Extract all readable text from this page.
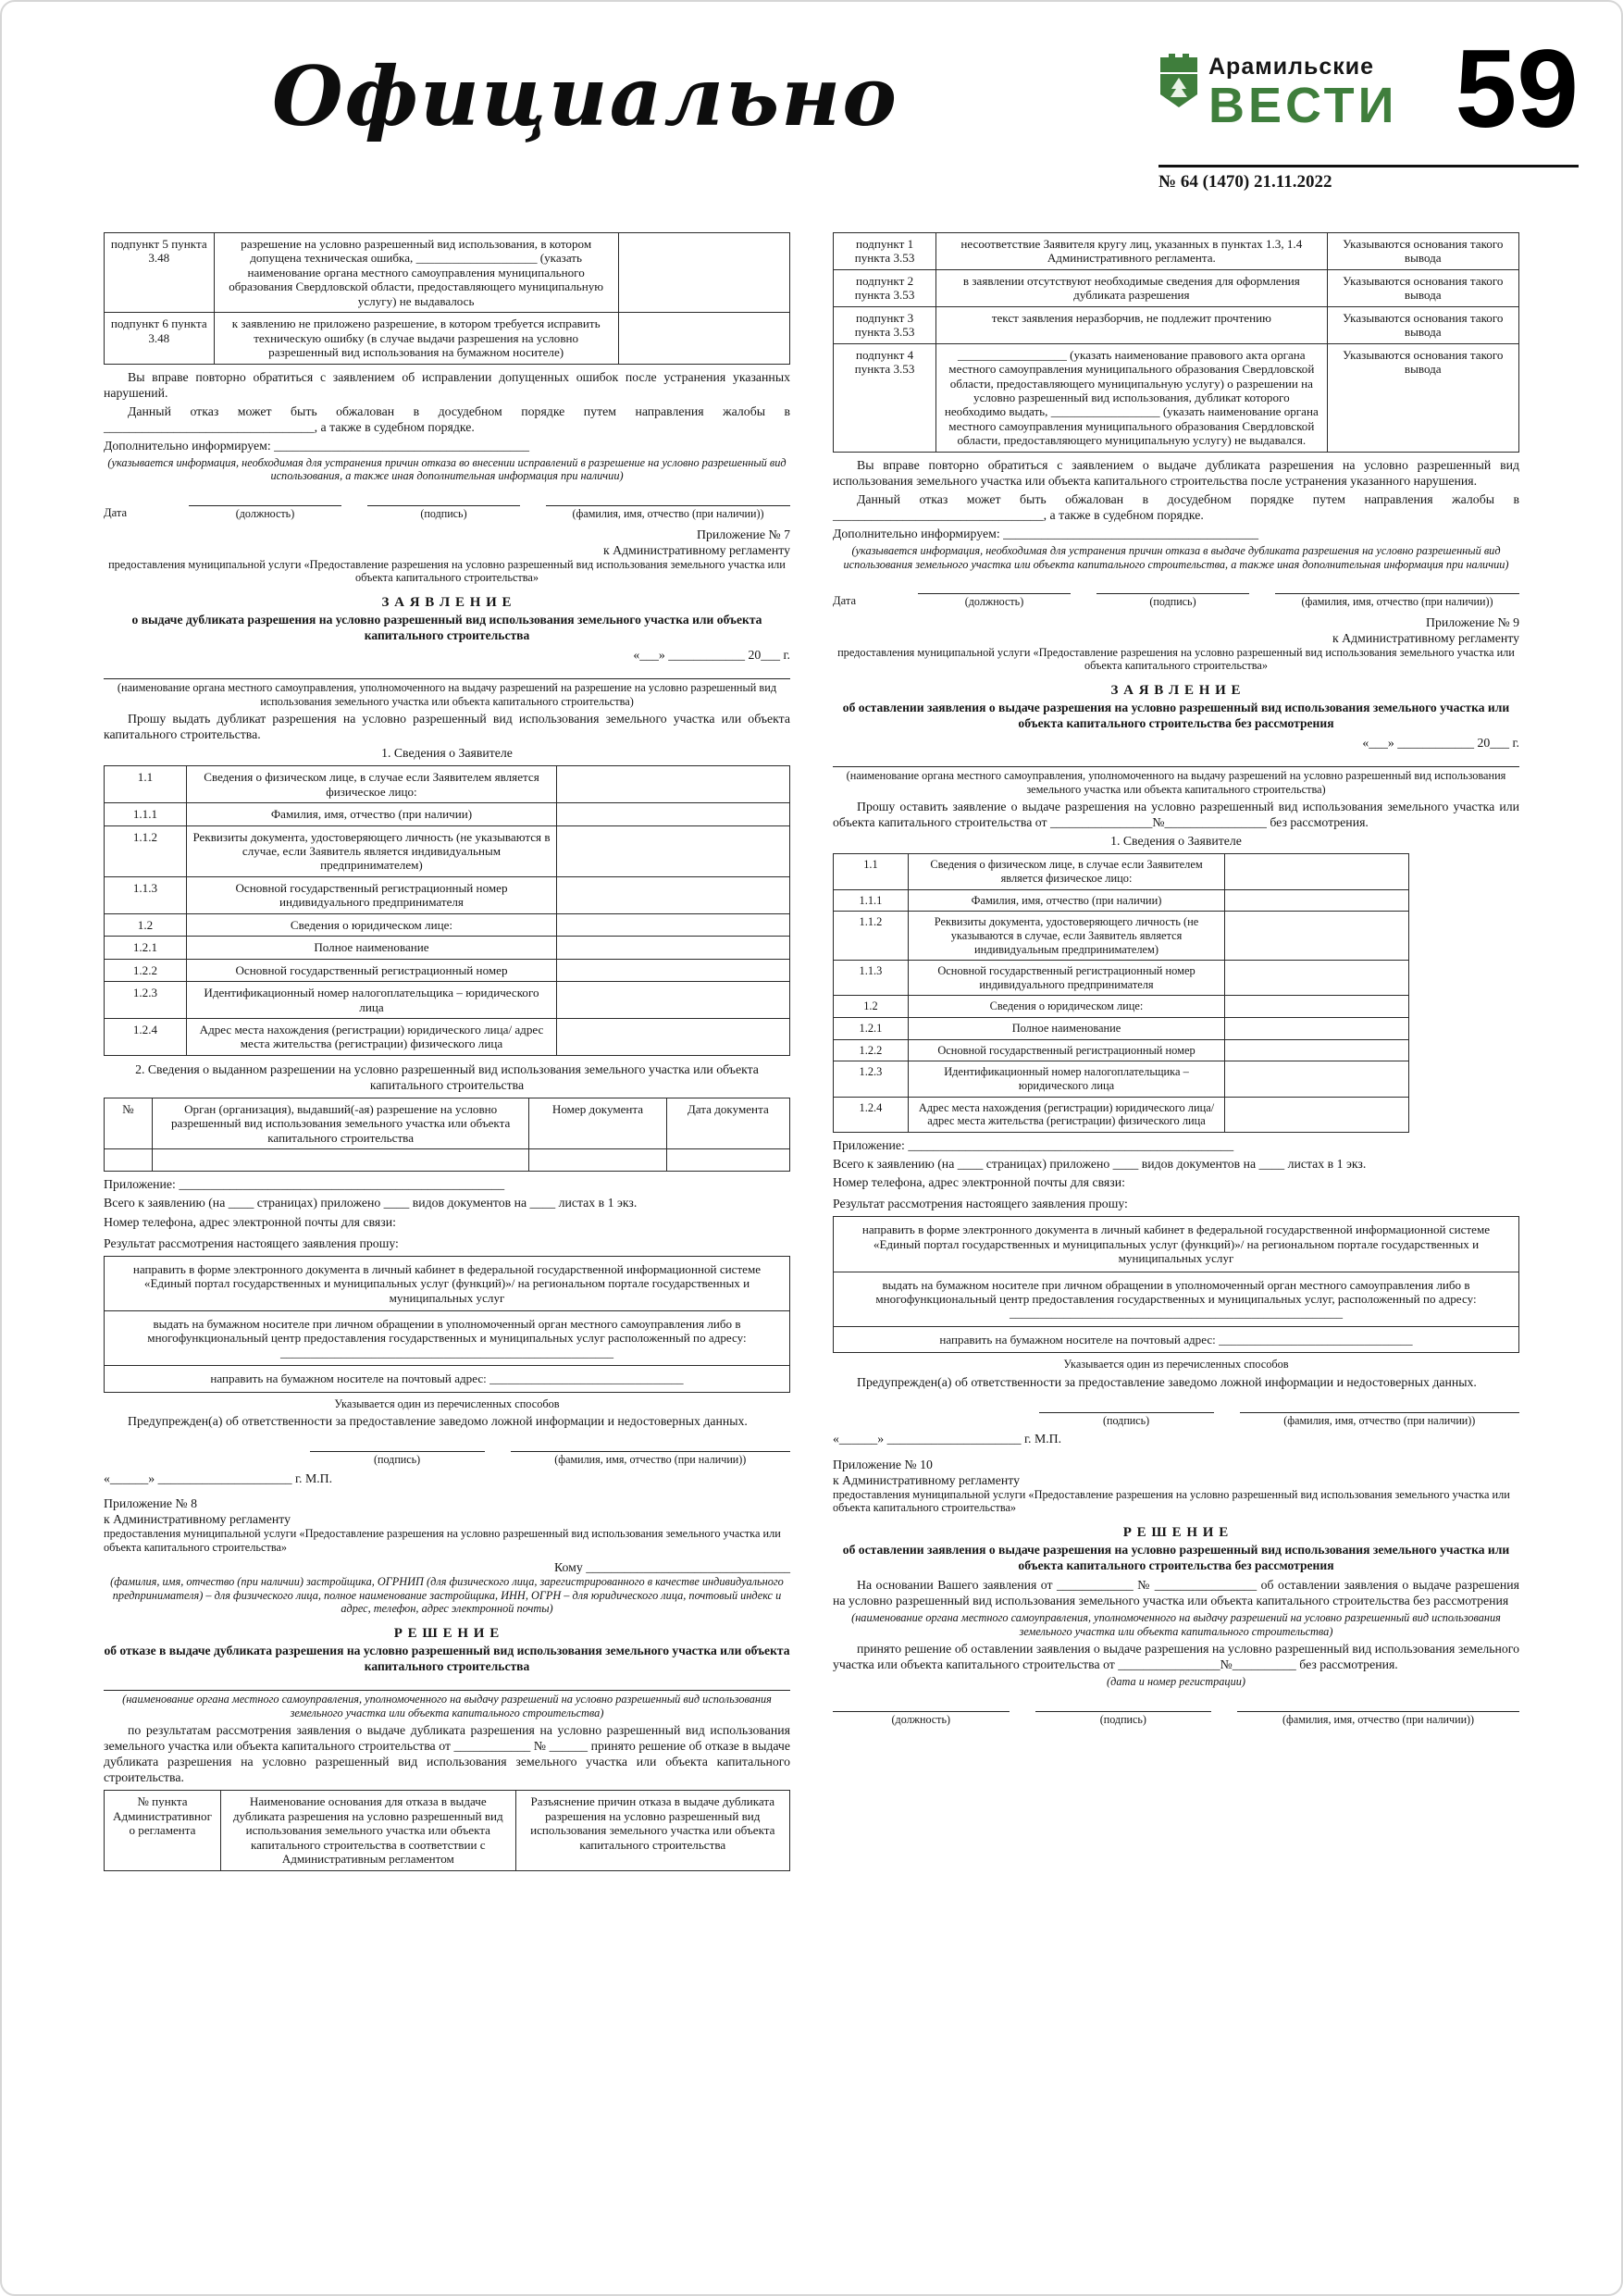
Официально	Арамильские
ВЕСТИ 59
№ 64 (1470) 21.11.2022
подпункт 5 пункта 3.48	разрешение на условно разрешенный вид использования, в котором допущена техническая ошибка, ____________________ (указать наименование органа местного самоуправления муниципального образования Свердловской области, предоставляющего муниципальную услугу) не выдавалось	
подпункт 6 пункта 3.48	к заявлению не приложено разрешение, в котором требуется исправить техническую ошибку (в случае выдачи разрешения на условно разрешенный вид использования на бумажном носителе)	

Вы вправе повторно обратиться с заявлением об исправлении допущенных ошибок после устранения указанных нарушений.

Данный отказ может быть обжалован в досудебном порядке путем направления жалобы в _________________________________, а также в судебном порядке.

Дополнительно информируем: ________________________________________

(указывается информация, необходимая для устранения причин отказа во внесении исправлений в разрешение на условно разрешенный вид использования, а также иная дополнительная информация при наличии)

Дата	(должность)	(подпись)	(фамилия, имя, отчество (при наличии))
Приложение № 7
к Административному регламенту
предоставления муниципальной услуги «Предоставление разрешения на условно разрешенный вид использования земельного участка или объекта капитального строительства»
З А Я В Л Е Н И Е
о выдаче дубликата разрешения на условно разрешенный вид использования земельного участка или объекта капитального строительства
«___» ____________ 20___ г.
(наименование органа местного самоуправления, уполномоченного на выдачу разрешений на разрешение на условно разрешенный вид использования земельного участка или объекта капитального строительства)

Прошу выдать дубликат разрешения на условно разрешенный вид использования земельного участка или объекта капитального строительства.

1. Сведения о Заявителе
1.1	Сведения о физическом лице, в случае если Заявителем является физическое лицо:	
1.1.1	Фамилия, имя, отчество (при наличии)	
1.1.2	Реквизиты документа, удостоверяющего личность (не указываются в случае, если Заявитель является индивидуальным предпринимателем)	
1.1.3	Основной государственный регистрационный номер индивидуального предпринимателя	
1.2	Сведения о юридическом лице:	
1.2.1	Полное наименование	
1.2.2	Основной государственный регистрационный номер	
1.2.3	Идентификационный номер налогоплательщика – юридического лица	
1.2.4	Адрес места нахождения (регистрации) юридического лица/ адрес места жительства (регистрации) физического лица	
2. Сведения о выданном разрешении на условно разрешенный вид использования земельного участка или объекта капитального строительства
№	Орган (организация), выдавший(-ая) разрешение на условно разрешенный вид использования земельного участка или объекта капитального строительства	Номер документа	Дата документа

Приложение: ___________________________________________________

Всего к заявлению (на ____ страницах) приложено ____ видов документов на ____ листах в 1 экз.

Номер телефона, адрес электронной почты для связи:

Результат рассмотрения настоящего заявления прошу:

направить в форме электронного документа в личный кабинет в федеральной государственной информационной системе «Единый портал государственных и муниципальных услуг (функций)»/ на региональном портале государственных и муниципальных услуг
выдать на бумажном носителе при личном обращении в уполномоченный орган местного самоуправления либо в многофункциональный центр предоставления государственных и муниципальных услуг расположенный по адресу: _______________________________________________________
направить на бумажном носителе на почтовый адрес: ________________________________
Указывается один из перечисленных способов

Предупрежден(а) об ответственности за предоставление заведомо ложной информации и недостоверных данных.

(подпись)	(фамилия, имя, отчество (при наличии))

«______» _____________________ г. М.П.

Приложение № 8
к Административному регламенту
предоставления муниципальной услуги «Предоставление разрешения на условно разрешенный вид использования земельного участка или объекта капитального строительства»
Кому ________________________________
(фамилия, имя, отчество (при наличии) застройщика, ОГРНИП (для физического лица, зарегистрированного в качестве индивидуального предпринимателя) – для физического лица, полное наименование застройщика, ИНН, ОГРН – для юридического лица, почтовый индекс и адрес, телефон, адрес электронной почты)
Р Е Ш Е Н И Е
об отказе в выдаче дубликата разрешения на условно разрешенный вид использования земельного участка или объекта капитального строительства
(наименование органа местного самоуправления, уполномоченного на выдачу разрешений на условно разрешенный вид использования земельного участка или объекта капитального строительства)

по результатам рассмотрения заявления о выдаче дубликата разрешения на условно разрешенный вид использования земельного участка или объекта капитального строительства от ____________ № ______ принято решение об отказе в выдаче дубликата разрешения на условно разрешенный вид использования земельного участка или объекта капитального строительства.

№ пункта Административного регламента	Наименование основания для отказа в выдаче дубликата разрешения на условно разрешенный вид использования земельного участка или объекта капитального строительства в соответствии с Административным регламентом	Разъяснение причин отказа в выдаче дубликата разрешения на условно разрешенный вид использования земельного участка или объекта капитального строительства
подпункт 1 пункта 3.53	несоответствие Заявителя кругу лиц, указанных в пунктах 1.3, 1.4 Административного регламента.	Указываются основания такого вывода
подпункт 2 пункта 3.53	в заявлении отсутствуют необходимые сведения для оформления дубликата разрешения	Указываются основания такого вывода
подпункт 3 пункта 3.53	текст заявления неразборчив, не подлежит прочтению	Указываются основания такого вывода
подпункт 4 пункта 3.53	__________________ (указать наименование правового акта органа местного самоуправления муниципального образования Свердловской области, предоставляющего муниципальную услугу) о разрешении на условно разрешенный вид использования, дубликат которого необходимо выдать, __________________ (указать наименование органа местного самоуправления муниципального образования Свердловской области, предоставляющего муниципальную услугу) не выдавался.	Указываются основания такого вывода

Вы вправе повторно обратиться с заявлением о выдаче дубликата разрешения на условно разрешенный вид использования земельного участка или объекта капитального строительства после устранения указанного нарушения.

Данный отказ может быть обжалован в досудебном порядке путем направления жалобы в _________________________________, а также в судебном порядке.

Дополнительно информируем: ________________________________________

(указывается информация, необходимая для устранения причин отказа в выдаче дубликата разрешения на условно разрешенный вид использования земельного участка или объекта капитального строительства, а также иная дополнительная информация при наличии)

Дата	(должность)	(подпись)	(фамилия, имя, отчество (при наличии))
Приложение № 9
к Административному регламенту
предоставления муниципальной услуги «Предоставление разрешения на условно разрешенный вид использования земельного участка или объекта капитального строительства»
З А Я В Л Е Н И Е
об оставлении заявления о выдаче разрешения на условно разрешенный вид использования земельного участка или объекта капитального строительства без рассмотрения
«___» ____________ 20___ г.
(наименование органа местного самоуправления, уполномоченного на выдачу разрешений на условно разрешенный вид использования земельного участка или объекта капитального строительства)

Прошу оставить заявление о выдаче разрешения на условно разрешенный вид использования земельного участка или объекта капитального строительства от ________________№________________ без рассмотрения.

1. Сведения о Заявителе
1.1	Сведения о физическом лице, в случае если Заявителем является физическое лицо:	
1.1.1	Фамилия, имя, отчество (при наличии)	
1.1.2	Реквизиты документа, удостоверяющего личность (не указываются в случае, если Заявитель является индивидуальным предпринимателем)	
1.1.3	Основной государственный регистрационный номер индивидуального предпринимателя	
1.2	Сведения о юридическом лице:	
1.2.1	Полное наименование	
1.2.2	Основной государственный регистрационный номер	
1.2.3	Идентификационный номер налогоплательщика – юридического лица	
1.2.4	Адрес места нахождения (регистрации) юридического лица/ адрес места жительства (регистрации) физического лица	

Приложение: ___________________________________________________

Всего к заявлению (на ____ страницах) приложено ____ видов документов на ____ листах в 1 экз.

Номер телефона, адрес электронной почты для связи:

Результат рассмотрения настоящего заявления прошу:

направить в форме электронного документа в личный кабинет в федеральной государственной информационной системе «Единый портал государственных и муниципальных услуг (функций)»/ на региональном портале государственных и муниципальных услуг
выдать на бумажном носителе при личном обращении в уполномоченный орган местного самоуправления либо в многофункциональный центр предоставления государственных и муниципальных услуг, расположенный по адресу: _______________________________________________________
направить на бумажном носителе на почтовый адрес: ________________________________
Указывается один из перечисленных способов

Предупрежден(а) об ответственности за предоставление заведомо ложной информации и недостоверных данных.

(подпись)	(фамилия, имя, отчество (при наличии))

«______» _____________________ г. М.П.

Приложение № 10
к Административному регламенту
предоставления муниципальной услуги «Предоставление разрешения на условно разрешенный вид использования земельного участка или объекта капитального строительства»
Р Е Ш Е Н И Е
об оставлении заявления о выдаче разрешения на условно разрешенный вид использования земельного участка или объекта капитального строительства без рассмотрения

На основании Вашего заявления от ____________ № ________________ об оставлении заявления о выдаче разрешения на условно разрешенный вид использования земельного участка или объекта капитального строительства без рассмотрения

(наименование органа местного самоуправления, уполномоченного на выдачу разрешений на условно разрешенный вид использования земельного участка или объекта капитального строительства)

принято решение об оставлении заявления о выдаче разрешения на условно разрешенный вид использования земельного участка или объекта капитального строительства от ________________№__________ без рассмотрения.

(дата и номер регистрации)
(должность)	(подпись)	(фамилия, имя, отчество (при наличии))
